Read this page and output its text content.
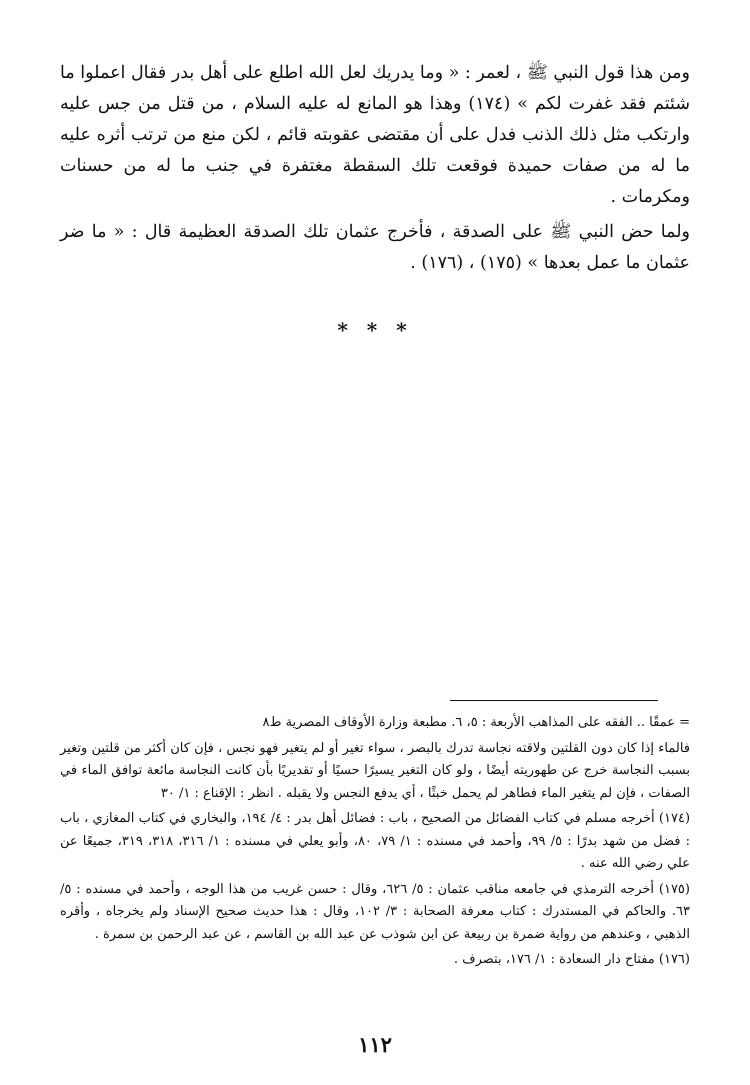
ومن هذا قول النبي ﷺ ، لعمر : « وما يدريك لعل الله اطلع على أهل بدر فقال اعملوا ما شئتم فقد غفرت لكم » (١٧٤) وهذا هو المانع له عليه السلام ، من قتل من جس عليه وارتكب مثل ذلك الذنب فدل على أن مقتضى عقوبته قائم ، لكن منع من ترتب أثره عليه ما له من صفات حميدة فوقعت تلك السقطة مغتفرة في جنب ما له من حسنات ومكرمات .

ولما حض النبي ﷺ على الصدقة ، فأخرج عثمان تلك الصدقة العظيمة قال : « ما ضر عثمان ما عمل بعدها » (١٧٥) ، (١٧٦) .

* * *

= عمقًا .. الفقه على المذاهب الأربعة : ٥، ٦. مطبعة وزارة الأوقاف المصرية ط٨

فالماء إذا كان دون القلتين ولاقته نجاسة تدرك بالبصر ، سواء تغير أو لم يتغير فهو نجس ، فإن كان أكثر من قلتين وتغير بسبب النجاسة خرج عن طهوريته أيضًا ، ولو كان التغير يسيرًا حسيًا أو تقديريًا بأن كانت النجاسة مائعة توافق الماء في الصفات ، فإن لم يتغير الماء فطاهر لم يحمل خبثًا ، أي يدفع النجس ولا يقبله . انظر : الإقناع : ١/ ٣٠

(١٧٤) أخرجه مسلم في كتاب الفضائل من الصحيح ، باب : فضائل أهل بدر : ٤/ ١٩٤، والبخاري في كتاب المغازي ، باب : فضل من شهد بدرًا : ٥/ ٩٩، وأحمد في مسنده : ١/ ٧٩، ٨٠، وأبو يعلي في مسنده : ١/ ٣١٦، ٣١٨، ٣١٩، جميعًا عن علي رضي الله عنه .

(١٧٥) أخرجه الترمذي في جامعه مناقب عثمان : ٥/ ٦٢٦، وقال : حسن غريب من هذا الوجه ، وأحمد في مسنده : ٥/ ٦٣. والحاكم في المستدرك : كتاب معرفة الصحابة : ٣/ ١٠٢، وقال : هذا حديث صحيح الإسناد ولم يخرجاه ، وأقره الذهبي ، وعندهم من رواية ضمرة بن ربيعة عن ابن شوذب عن عبد الله بن القاسم ، عن عبد الرحمن بن سمرة .

(١٧٦) مفتاح دار السعادة : ١/ ١٧٦، بتصرف .

١١٢
